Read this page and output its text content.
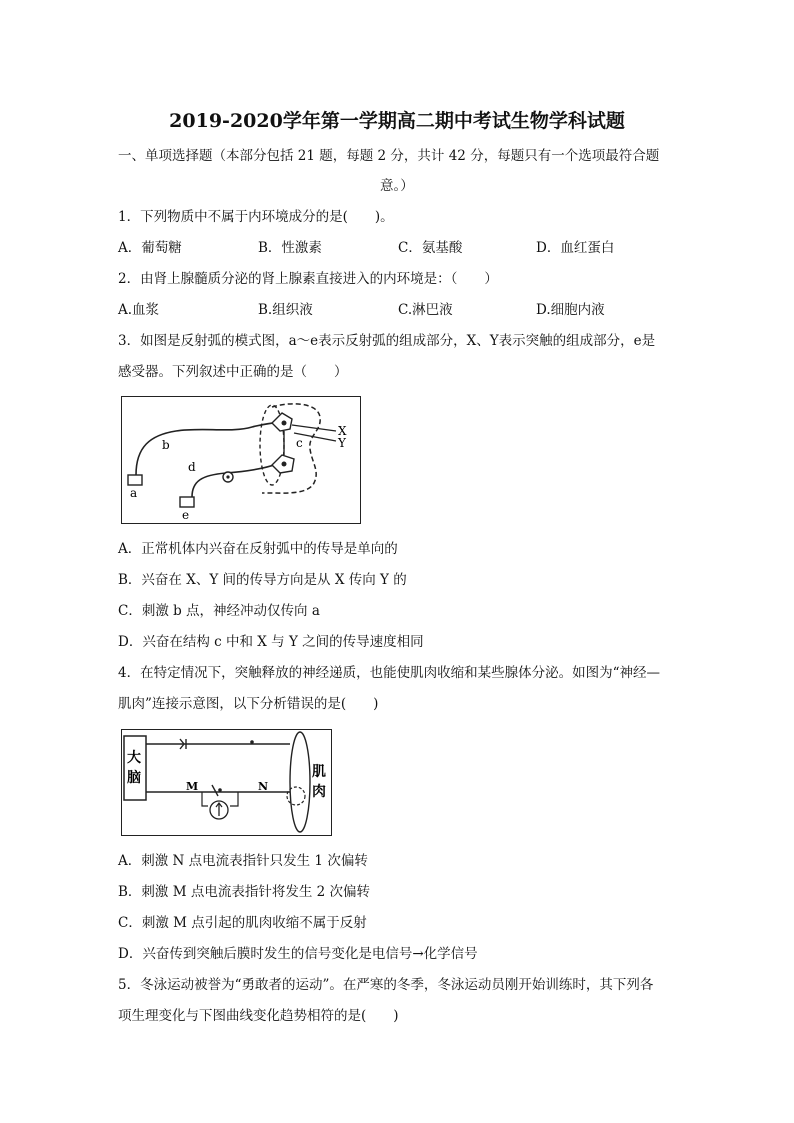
2019-2020学年第一学期高二期中考试生物学科试题
一、单项选择题（本部分包括 21 题，每题 2 分，共计 42 分，每题只有一个选项最符合题
意。）
1．下列物质中不属于内环境成分的是(　　)。
A．葡萄糖	B．性激素	C．氨基酸	D．血红蛋白
2．由肾上腺髓质分泌的肾上腺素直接进入的内环境是：（　　）
A.血浆	B.组织液	C.淋巴液	D.细胞内液
3．如图是反射弧的模式图，a～e表示反射弧的组成部分，X、Y表示突触的组成部分，e是
感受器。下列叙述中正确的是（　　）
a
b	c
d
e
X
Y
A．正常机体内兴奋在反射弧中的传导是单向的
B．兴奋在 X、Y 间的传导方向是从 X 传向 Y 的
C．刺激 b 点，神经冲动仅传向 a
D．兴奋在结构 c 中和 X 与 Y 之间的传导速度相同
4．在特定情况下，突触释放的神经递质，也能使肌肉收缩和某些腺体分泌。如图为“神经—
肌肉”连接示意图，以下分析错误的是(　　)
大
脑
M	N
肌
肉
A．刺激 N 点电流表指针只发生 1 次偏转
B．刺激 M 点电流表指针将发生 2 次偏转
C．刺激 M 点引起的肌肉收缩不属于反射
D．兴奋传到突触后膜时发生的信号变化是电信号→化学信号
5．冬泳运动被誉为“勇敢者的运动”。在严寒的冬季，冬泳运动员刚开始训练时，其下列各
项生理变化与下图曲线变化趋势相符的是(　　)
